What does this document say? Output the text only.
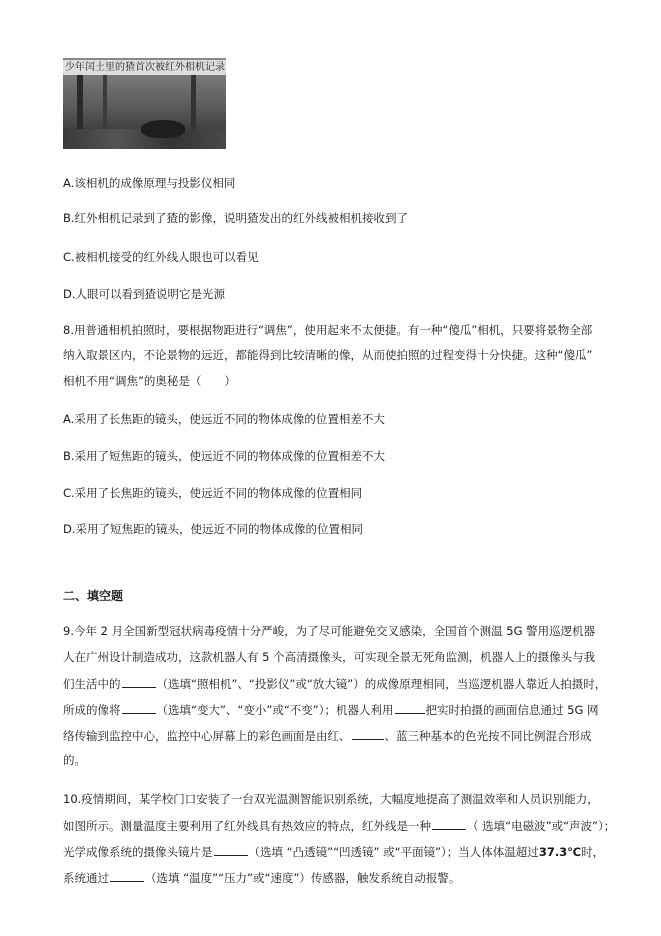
少年闰土里的猹首次被红外相机记录
A.该相机的成像原理与投影仪相同
B.红外相机记录到了猹的影像，说明猹发出的红外线被相机接收到了
C.被相机接受的红外线人眼也可以看见
D.人眼可以看到猹说明它是光源
8.用普通相机拍照时，要根据物距进行“调焦”，使用起来不太便捷。有一种“傻瓜”相机，只要将景物全部
纳入取景区内，不论景物的远近，都能得到比较清晰的像，从而使拍照的过程变得十分快捷。这种“傻瓜”
相机不用“调焦”的奥秘是（　　）
A.采用了长焦距的镜头，使远近不同的物体成像的位置相差不大
B.采用了短焦距的镜头，使远近不同的物体成像的位置相差不大
C.采用了长焦距的镜头，使远近不同的物体成像的位置相同
D.采用了短焦距的镜头，使远近不同的物体成像的位置相同
二、填空题
9.今年 2 月全国新型冠状病毒疫情十分严峻，为了尽可能避免交叉感染，全国首个测温 5G 警用巡逻机器
人在广州设计制造成功，这款机器人有 5 个高清摄像头，可实现全景无死角监测，机器人上的摄像头与我
们生活中的	（选填“照相机”、“投影仪”或“放大镜”）的成像原理相同，当巡逻机器人靠近人拍摄时，
所成的像将	（选填“变大”、“变小”或“不变”）；机器人利用	把实时拍摄的画面信息通过 5G 网
络传输到监控中心，监控中心屏幕上的彩色画面是由红、	、蓝三种基本的色光按不同比例混合形成
的。
10.疫情期间，某学校门口安装了一台双光温测智能识别系统，大幅度地提高了测温效率和人员识别能力，
如图所示。测量温度主要利用了红外线具有热效应的特点，红外线是一种	（ 选填“电磁波”或“声波”）；
光学成像系统的摄像头镜片是	（选填 “凸透镜”“凹透镜” 或“平面镜”）；当人体体温超过37.3℃时，
系统通过	（选填 “温度”“压力”或“速度”）传感器，触发系统自动报警。
